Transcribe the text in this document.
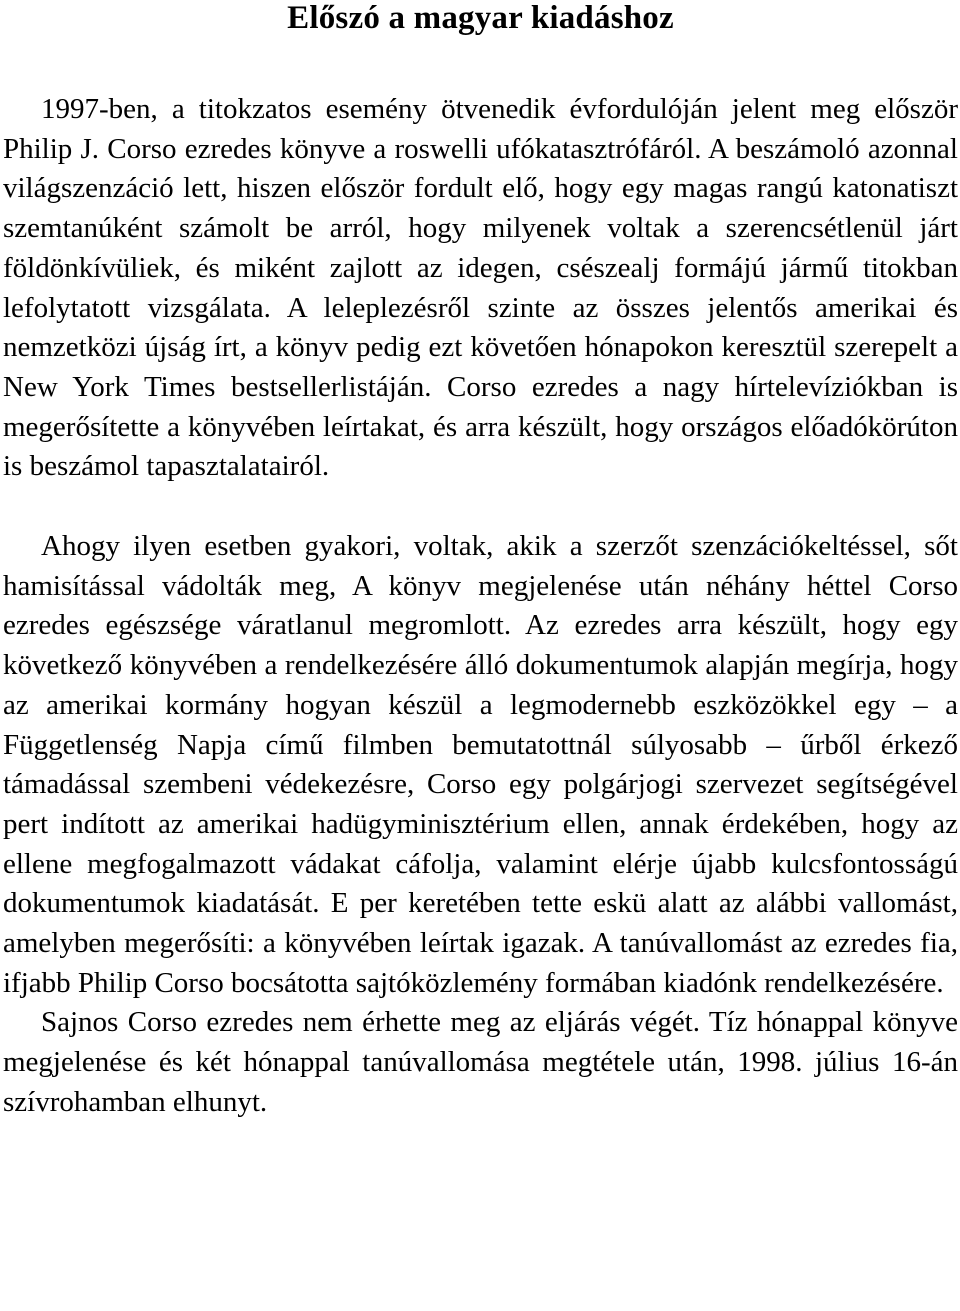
Előszó a magyar kiadáshoz

1997-ben, a titokzatos esemény ötvenedik évfordulóján jelent meg először Philip J. Corso ezredes könyve a roswelli ufókatasztrófáról. A beszámoló azonnal világszenzáció lett, hiszen először fordult elő, hogy egy magas rangú katonatiszt szemtanúként számolt be arról, hogy milyenek voltak a szerencsétlenül járt földönkívüliek, és miként zajlott az idegen, csészealj formájú jármű titokban lefolytatott vizsgálata. A leleplezésről szinte az összes jelentős amerikai és nemzetközi újság írt, a könyv pedig ezt követően hónapokon keresztül szerepelt a New York Times bestsellerlistáján. Corso ezredes a nagy hírtelevíziókban is megerősítette a könyvében leírtakat, és arra készült, hogy országos előadókörúton is beszámol tapasztalatairól.

Ahogy ilyen esetben gyakori, voltak, akik a szerzőt szenzációkeltéssel, sőt hamisítással vádolták meg, A könyv megjelenése után néhány héttel Corso ezredes egészsége váratlanul megromlott. Az ezredes arra készült, hogy egy következő könyvében a rendelkezésére álló dokumentumok alapján megírja, hogy az amerikai kormány hogyan készül a legmodernebb eszközökkel egy – a Függetlenség Napja című filmben bemutatottnál súlyosabb – űrből érkező támadással szembeni védekezésre, Corso egy polgárjogi szervezet segítségével pert indított az amerikai hadügyminisztérium ellen, annak érdekében, hogy az ellene megfogalmazott vádakat cáfolja, valamint elérje újabb kulcsfontosságú dokumentumok kiadatását. E per keretében tette eskü alatt az alábbi vallomást, amelyben megerősíti: a könyvében leírtak igazak. A tanúvallomást az ezredes fia, ifjabb Philip Corso bocsátotta sajtóközlemény formában kiadónk rendelkezésére.

Sajnos Corso ezredes nem érhette meg az eljárás végét. Tíz hónappal könyve megjelenése és két hónappal tanúvallomása megtétele után, 1998. július 16-án szívrohamban elhunyt.
